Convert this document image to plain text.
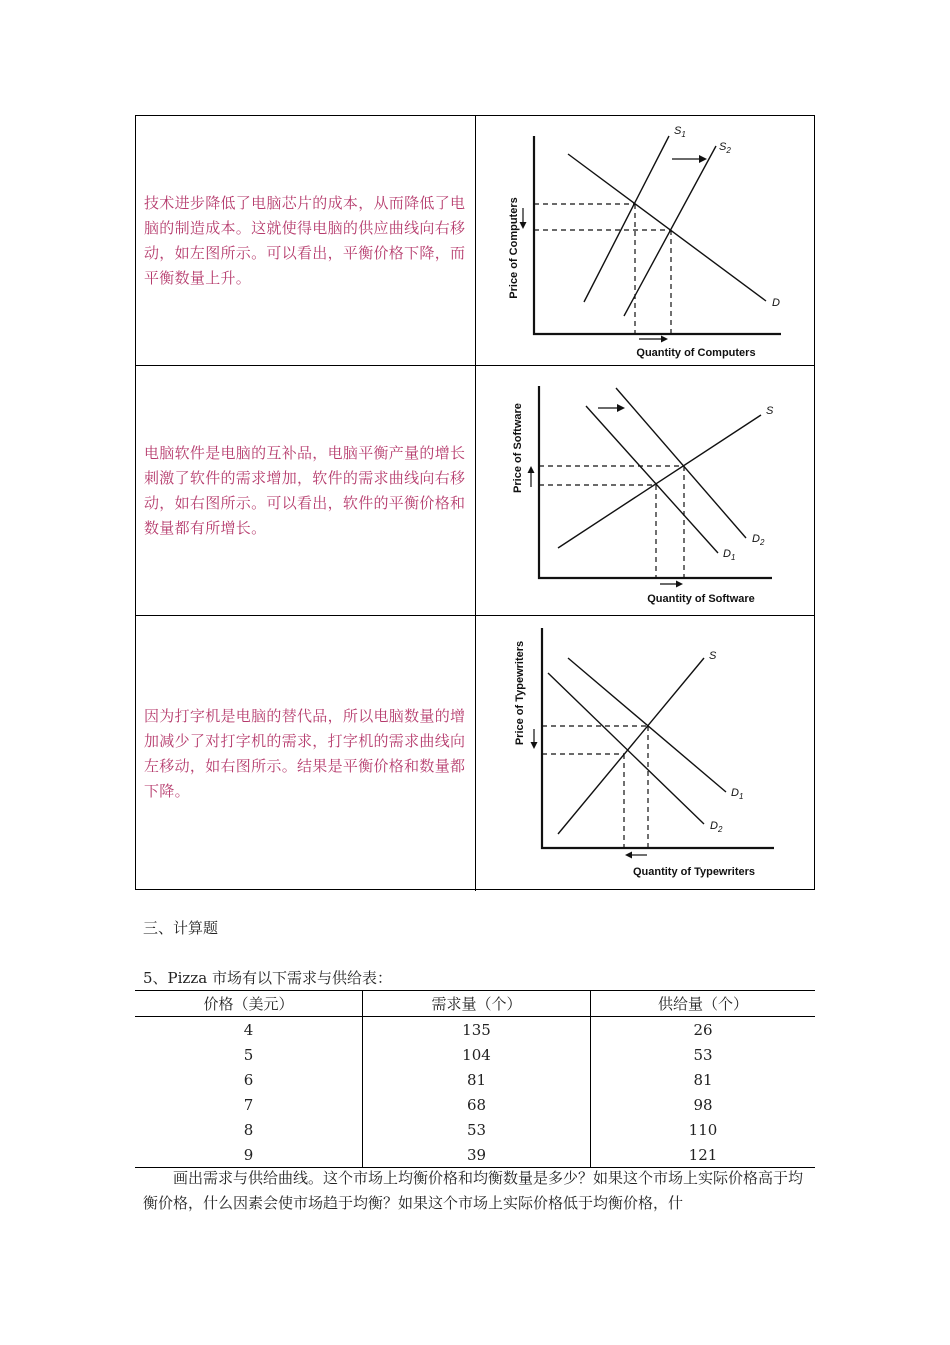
技术进步降低了电脑芯片的成本，从而降低了电脑的制造成本。这就使得电脑的供应曲线向右移动，如左图所示。可以看出，平衡价格下降，而平衡数量上升。	Price of Computers
Quantity of Computers
$S_1$
$S_2$
D

电脑软件是电脑的互补品，电脑平衡产量的增长刺激了软件的需求增加，软件的需求曲线向右移动，如右图所示。可以看出，软件的平衡价格和数量都有所增长。

Price of Software
Quantity of Software
S
$D_2$
$D_1$

因为打字机是电脑的替代品，所以电脑数量的增加减少了对打字机的需求，打字机的需求曲线向左移动，如右图所示。结果是平衡价格和数量都下降。

Price of Typewriters
Quantity of Typewriters
S
$D_1$
$D_2$
三、计算题
5、Pizza 市场有以下需求与供给表：
价格（美元）	需求量（个）	供给量（个）
4	135	26
5	104	53
6	81	81
7	68	98
8	53	110
9	39	121

  画出需求与供给曲线。这个市场上均衡价格和均衡数量是多少？如果这个市场上实际价格高于均衡价格，什么因素会使市场趋于均衡？如果这个市场上实际价格低于均衡价格，什
